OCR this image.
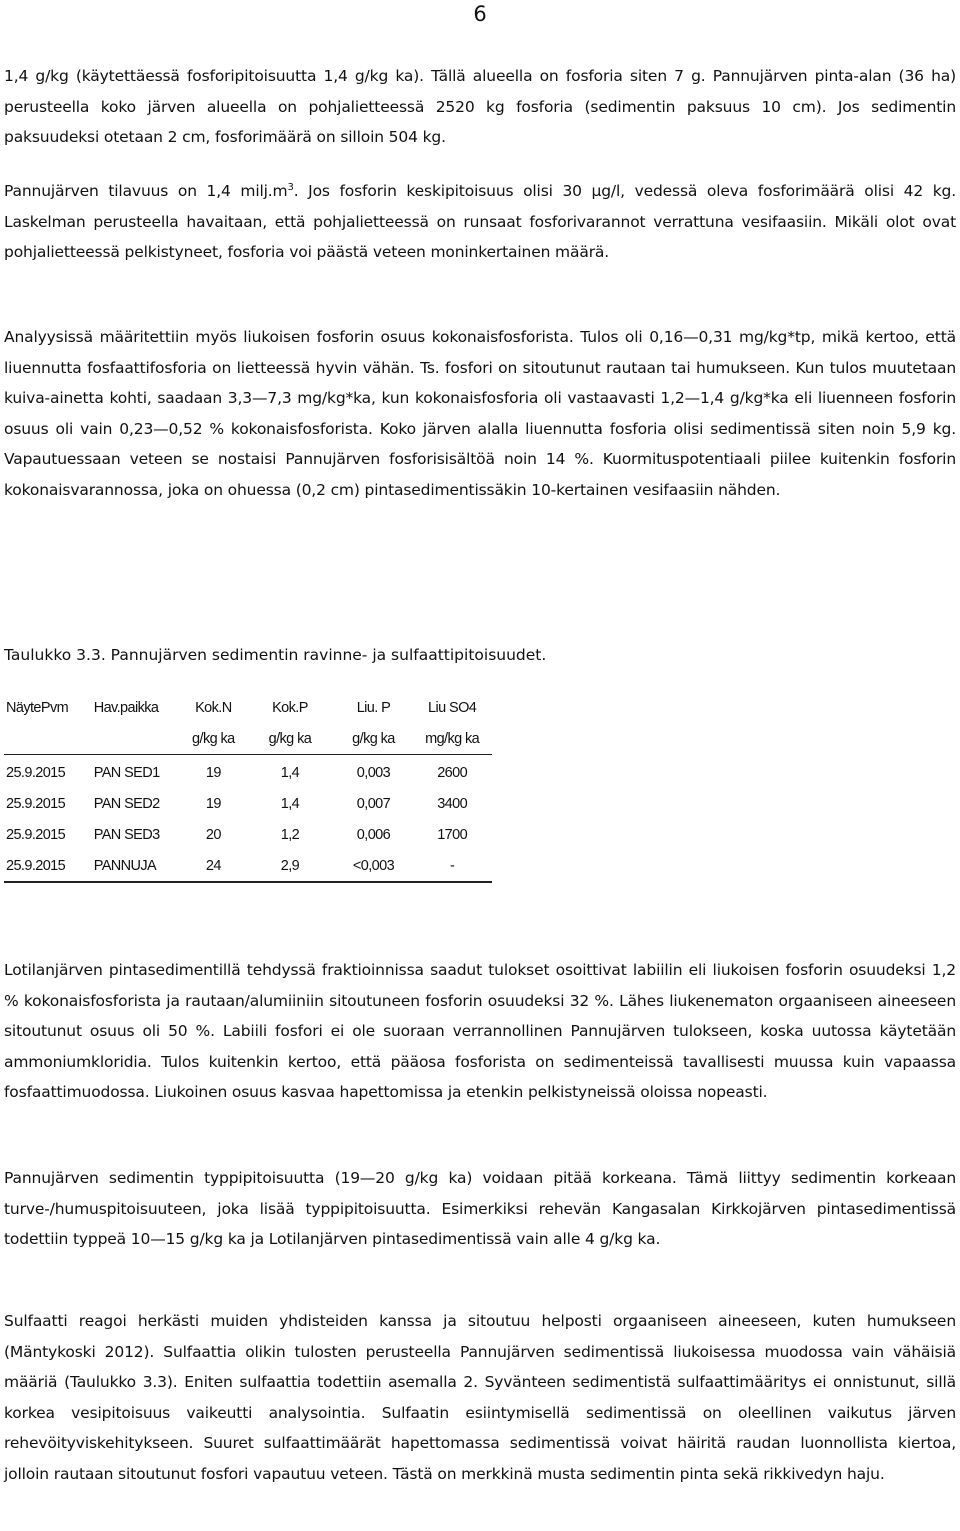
6

1,4 g/kg (käytettäessä fosforipitoisuutta 1,4 g/kg ka). Tällä alueella on fosforia siten 7 g. Pannujärven pinta-alan (36 ha) perusteella koko järven alueella on pohjalietteessä 2520 kg fosforia (sedimentin paksuus 10 cm). Jos sedimentin paksuudeksi otetaan 2 cm, fosforimäärä on silloin 504 kg.

Pannujärven tilavuus on 1,4 $milj.m^3$. Jos fosforin keskipitoisuus olisi 30 µg/l, vedessä oleva fosforimäärä olisi 42 kg. Laskelman perusteella havaitaan, että pohjalietteessä on runsaat fosforivarannot verrattuna vesifaasiin. Mikäli olot ovat pohjalietteessä pelkistyneet, fosforia voi päästä veteen moninkertainen määrä.

Analyysissä määritettiin myös liukoisen fosforin osuus kokonaisfosforista. Tulos oli 0,16—0,31 mg/kg*tp, mikä kertoo, että liuennutta fosfaattifosforia on lietteessä hyvin vähän. Ts. fosfori on sitoutunut rautaan tai humukseen. Kun tulos muutetaan kuiva-ainetta kohti, saadaan 3,3—7,3 mg/kg*ka, kun kokonaisfosforia oli vastaavasti 1,2—1,4 g/kg*ka eli liuenneen fosforin osuus oli vain 0,23—0,52 % kokonaisfosforista. Koko järven alalla liuennutta fosforia olisi sedimentissä siten noin 5,9 kg. Vapautuessaan veteen se nostaisi Pannujärven fosforisisältöä noin 14 %. Kuormituspotentiaali piilee kuitenkin fosforin kokonaisvarannossa, joka on ohuessa (0,2 cm) pintasedimentissäkin 10-kertainen vesifaasiin nähden.

Taulukko 3.3. Pannujärven sedimentin ravinne- ja sulfaattipitoisuudet.

NäytePvm	Hav.paikka	Kok.N	Kok.P	Liu. P	Liu SO4
		g/kg ka	g/kg ka	g/kg ka	mg/kg ka
25.9.2015	PAN SED1	19	1,4	0,003	2600
25.9.2015	PAN SED2	19	1,4	0,007	3400
25.9.2015	PAN SED3	20	1,2	0,006	1700
25.9.2015	PANNUJA	24	2,9	<0,003	-

Lotilanjärven pintasedimentillä tehdyssä fraktioinnissa saadut tulokset osoittivat labiilin eli liukoisen fosforin osuudeksi 1,2 % kokonaisfosforista ja rautaan/alumiiniin sitoutuneen fosforin osuudeksi 32 %. Lähes liukenematon orgaaniseen aineeseen sitoutunut osuus oli 50 %. Labiili fosfori ei ole suoraan verrannollinen Pannujärven tulokseen, koska uutossa käytetään ammoniumkloridia. Tulos kuitenkin kertoo, että pääosa fosforista on sedimenteissä tavallisesti muussa kuin vapaassa fosfaattimuodossa. Liukoinen osuus kasvaa hapettomissa ja etenkin pelkistyneissä oloissa nopeasti.

Pannujärven sedimentin typpipitoisuutta (19—20 g/kg ka) voidaan pitää korkeana. Tämä liittyy sedimentin korkeaan turve-/humuspitoisuuteen, joka lisää typpipitoisuutta. Esimerkiksi rehevän Kangasalan Kirkkojärven pintasedimentissä todettiin typpeä 10—15 g/kg ka ja Lotilanjärven pintasedimentissä vain alle 4 g/kg ka.

Sulfaatti reagoi herkästi muiden yhdisteiden kanssa ja sitoutuu helposti orgaaniseen aineeseen, kuten humukseen (Mäntykoski 2012). Sulfaattia olikin tulosten perusteella Pannujärven sedimentissä liukoisessa muodossa vain vähäisiä määriä (Taulukko 3.3). Eniten sulfaattia todettiin asemalla 2. Syvänteen sedimentistä sulfaattimääritys ei onnistunut, sillä korkea vesipitoisuus vaikeutti analysointia. Sulfaatin esiintymisellä sedimentissä on oleellinen vaikutus järven rehevöityviskehitykseen. Suuret sulfaattimäärät hapettomassa sedimentissä voivat häiritä raudan luonnollista kiertoa, jolloin rautaan sitoutunut fosfori vapautuu veteen. Tästä on merkkinä musta sedimentin pinta sekä rikkivedyn haju.
